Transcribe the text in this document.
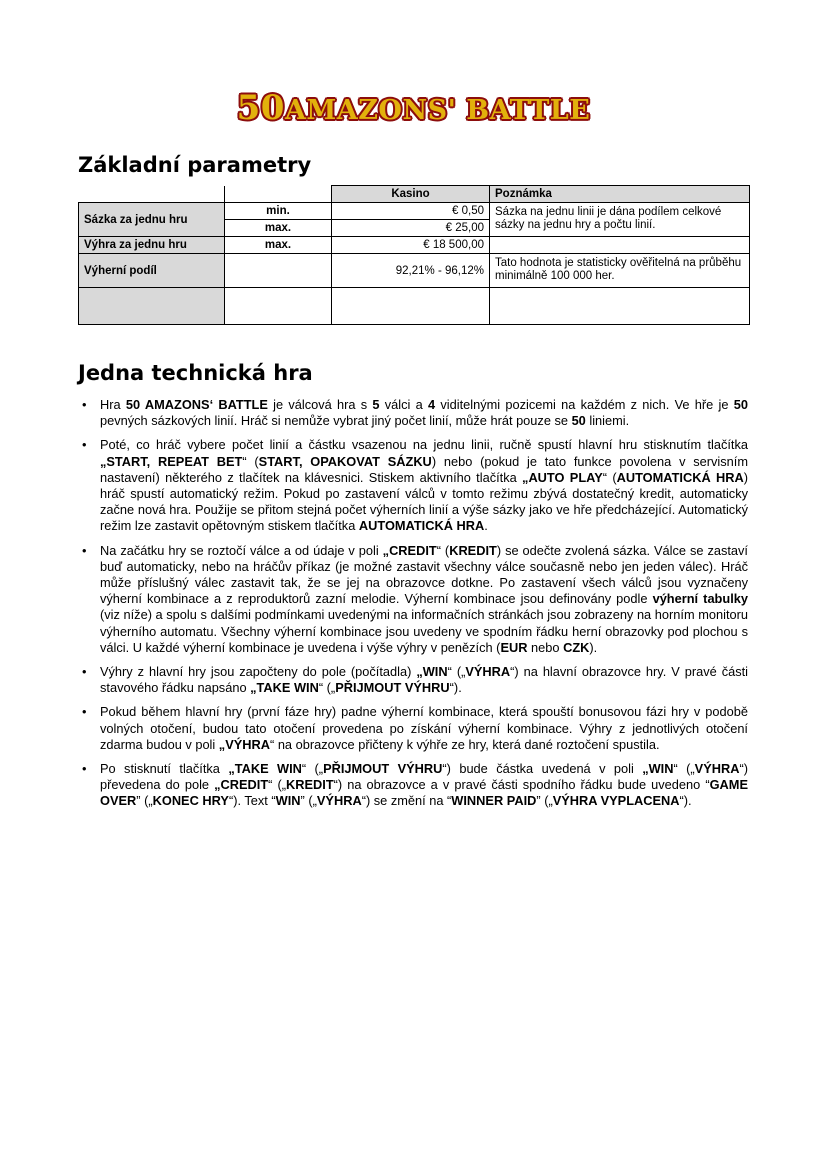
50AMAZONS' BATTLE
Základní parametry
		Kasino	Poznámka
Sázka za jednu hru	min.	€ 0,50	Sázka na jednu linii je dána podílem celkové sázky na jednu hry a počtu linií.
	max.	€ 25,00	
Výhra za jednu hru	max.	€ 18 500,00	
Výherní podíl		92,21% - 96,12%	Tato hodnota je statisticky ověřitelná na průběhu minimálně 100 000 her.

Jedna technická hra
• Hra 50 AMAZONS‘ BATTLE je válcová hra s 5 válci a 4 viditelnými pozicemi na každém z nich. Ve hře je 50 pevných sázkových linií. Hráč si nemůže vybrat jiný počet linií, může hrát pouze se 50 liniemi.
• Poté, co hráč vybere počet linií a částku vsazenou na jednu linii, ručně spustí hlavní hru stisknutím tlačítka „START, REPEAT BET“ (START, OPAKOVAT SÁZKU) nebo (pokud je tato funkce povolena v servisním nastavení) některého z tlačítek na klávesnici. Stiskem aktivního tlačítka „AUTO PLAY“ (AUTOMATICKÁ HRA) hráč spustí automatický režim. Pokud po zastavení válců v tomto režimu zbývá dostatečný kredit, automaticky začne nová hra. Použije se přitom stejná počet výherních linií a výše sázky jako ve hře předcházející. Automatický režim lze zastavit opětovným stiskem tlačítka AUTOMATICKÁ HRA.
• Na začátku hry se roztočí válce a od údaje v poli „CREDIT“ (KREDIT) se odečte zvolená sázka. Válce se zastaví buď automaticky, nebo na hráčův příkaz (je možné zastavit všechny válce současně nebo jen jeden válec). Hráč může příslušný válec zastavit tak, že se jej na obrazovce dotkne. Po zastavení všech válců jsou vyznačeny výherní kombinace a z reproduktorů zazní melodie. Výherní kombinace jsou definovány podle výherní tabulky (viz níže) a spolu s dalšími podmínkami uvedenými na informačních stránkách jsou zobrazeny na horním monitoru výherního automatu. Všechny výherní kombinace jsou uvedeny ve spodním řádku herní obrazovky pod plochou s válci. U každé výherní kombinace je uvedena i výše výhry v penězích (EUR nebo CZK).
• Výhry z hlavní hry jsou započteny do pole (počítadla) „WIN“ („VÝHRA“) na hlavní obrazovce hry. V pravé části stavového řádku napsáno „TAKE WIN“ („PŘIJMOUT VÝHRU“).
• Pokud během hlavní hry (první fáze hry) padne výherní kombinace, která spouští bonusovou fázi hry v podobě volných otočení, budou tato otočení provedena po získání výherní kombinace. Výhry z jednotlivých otočení zdarma budou v poli „VÝHRA“ na obrazovce přičteny k výhře ze hry, která dané roztočení spustila.
• Po stisknutí tlačítka „TAKE WIN“ („PŘIJMOUT VÝHRU“) bude částka uvedená v poli „WIN“ („VÝHRA“) převedena do pole „CREDIT“ („KREDIT“) na obrazovce a v pravé části spodního řádku bude uvedeno “GAME OVER” („KONEC HRY“). Text “WIN” („VÝHRA“) se změní na “WINNER PAID” („VÝHRA VYPLACENA“).
